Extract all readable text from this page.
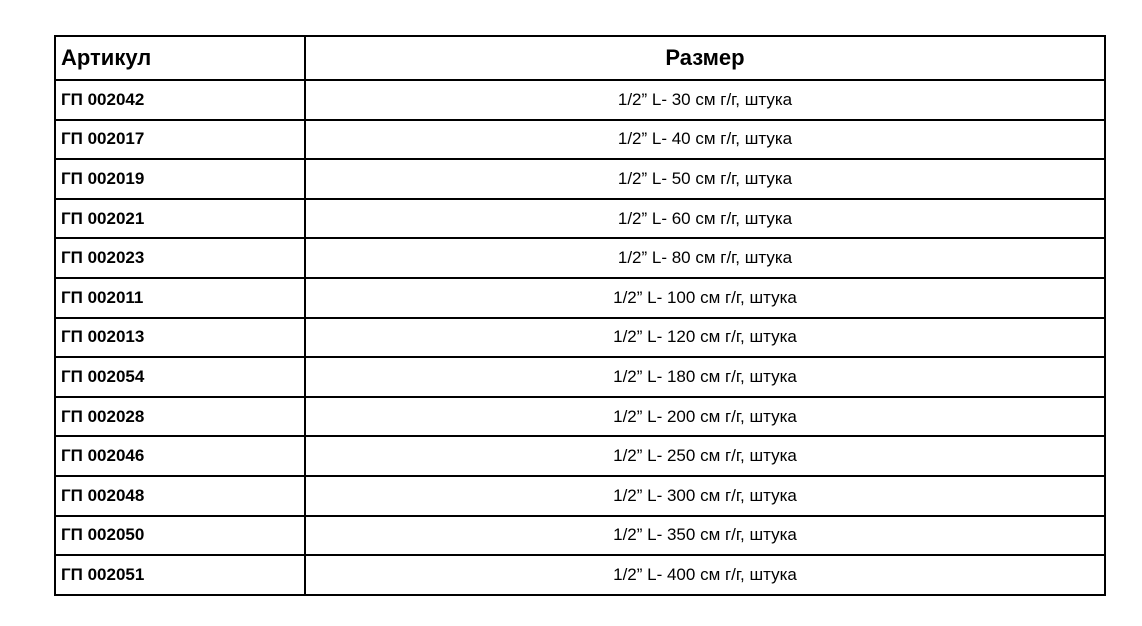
Артикул	Размер
ГП 002042	1/2” L- 30 см г/г, штука
ГП 002017	1/2” L- 40 см г/г, штука
ГП 002019	1/2” L- 50 см г/г, штука
ГП 002021	1/2” L- 60 см г/г, штука
ГП 002023	1/2” L- 80 см г/г, штука
ГП 002011	1/2” L- 100 см г/г, штука
ГП 002013	1/2” L- 120 см г/г, штука
ГП 002054	1/2” L- 180 см г/г, штука
ГП 002028	1/2” L- 200 см г/г, штука
ГП 002046	1/2” L- 250 см г/г, штука
ГП 002048	1/2” L- 300 см г/г, штука
ГП 002050	1/2” L- 350 см г/г, штука
ГП 002051	1/2” L- 400 см г/г, штука
